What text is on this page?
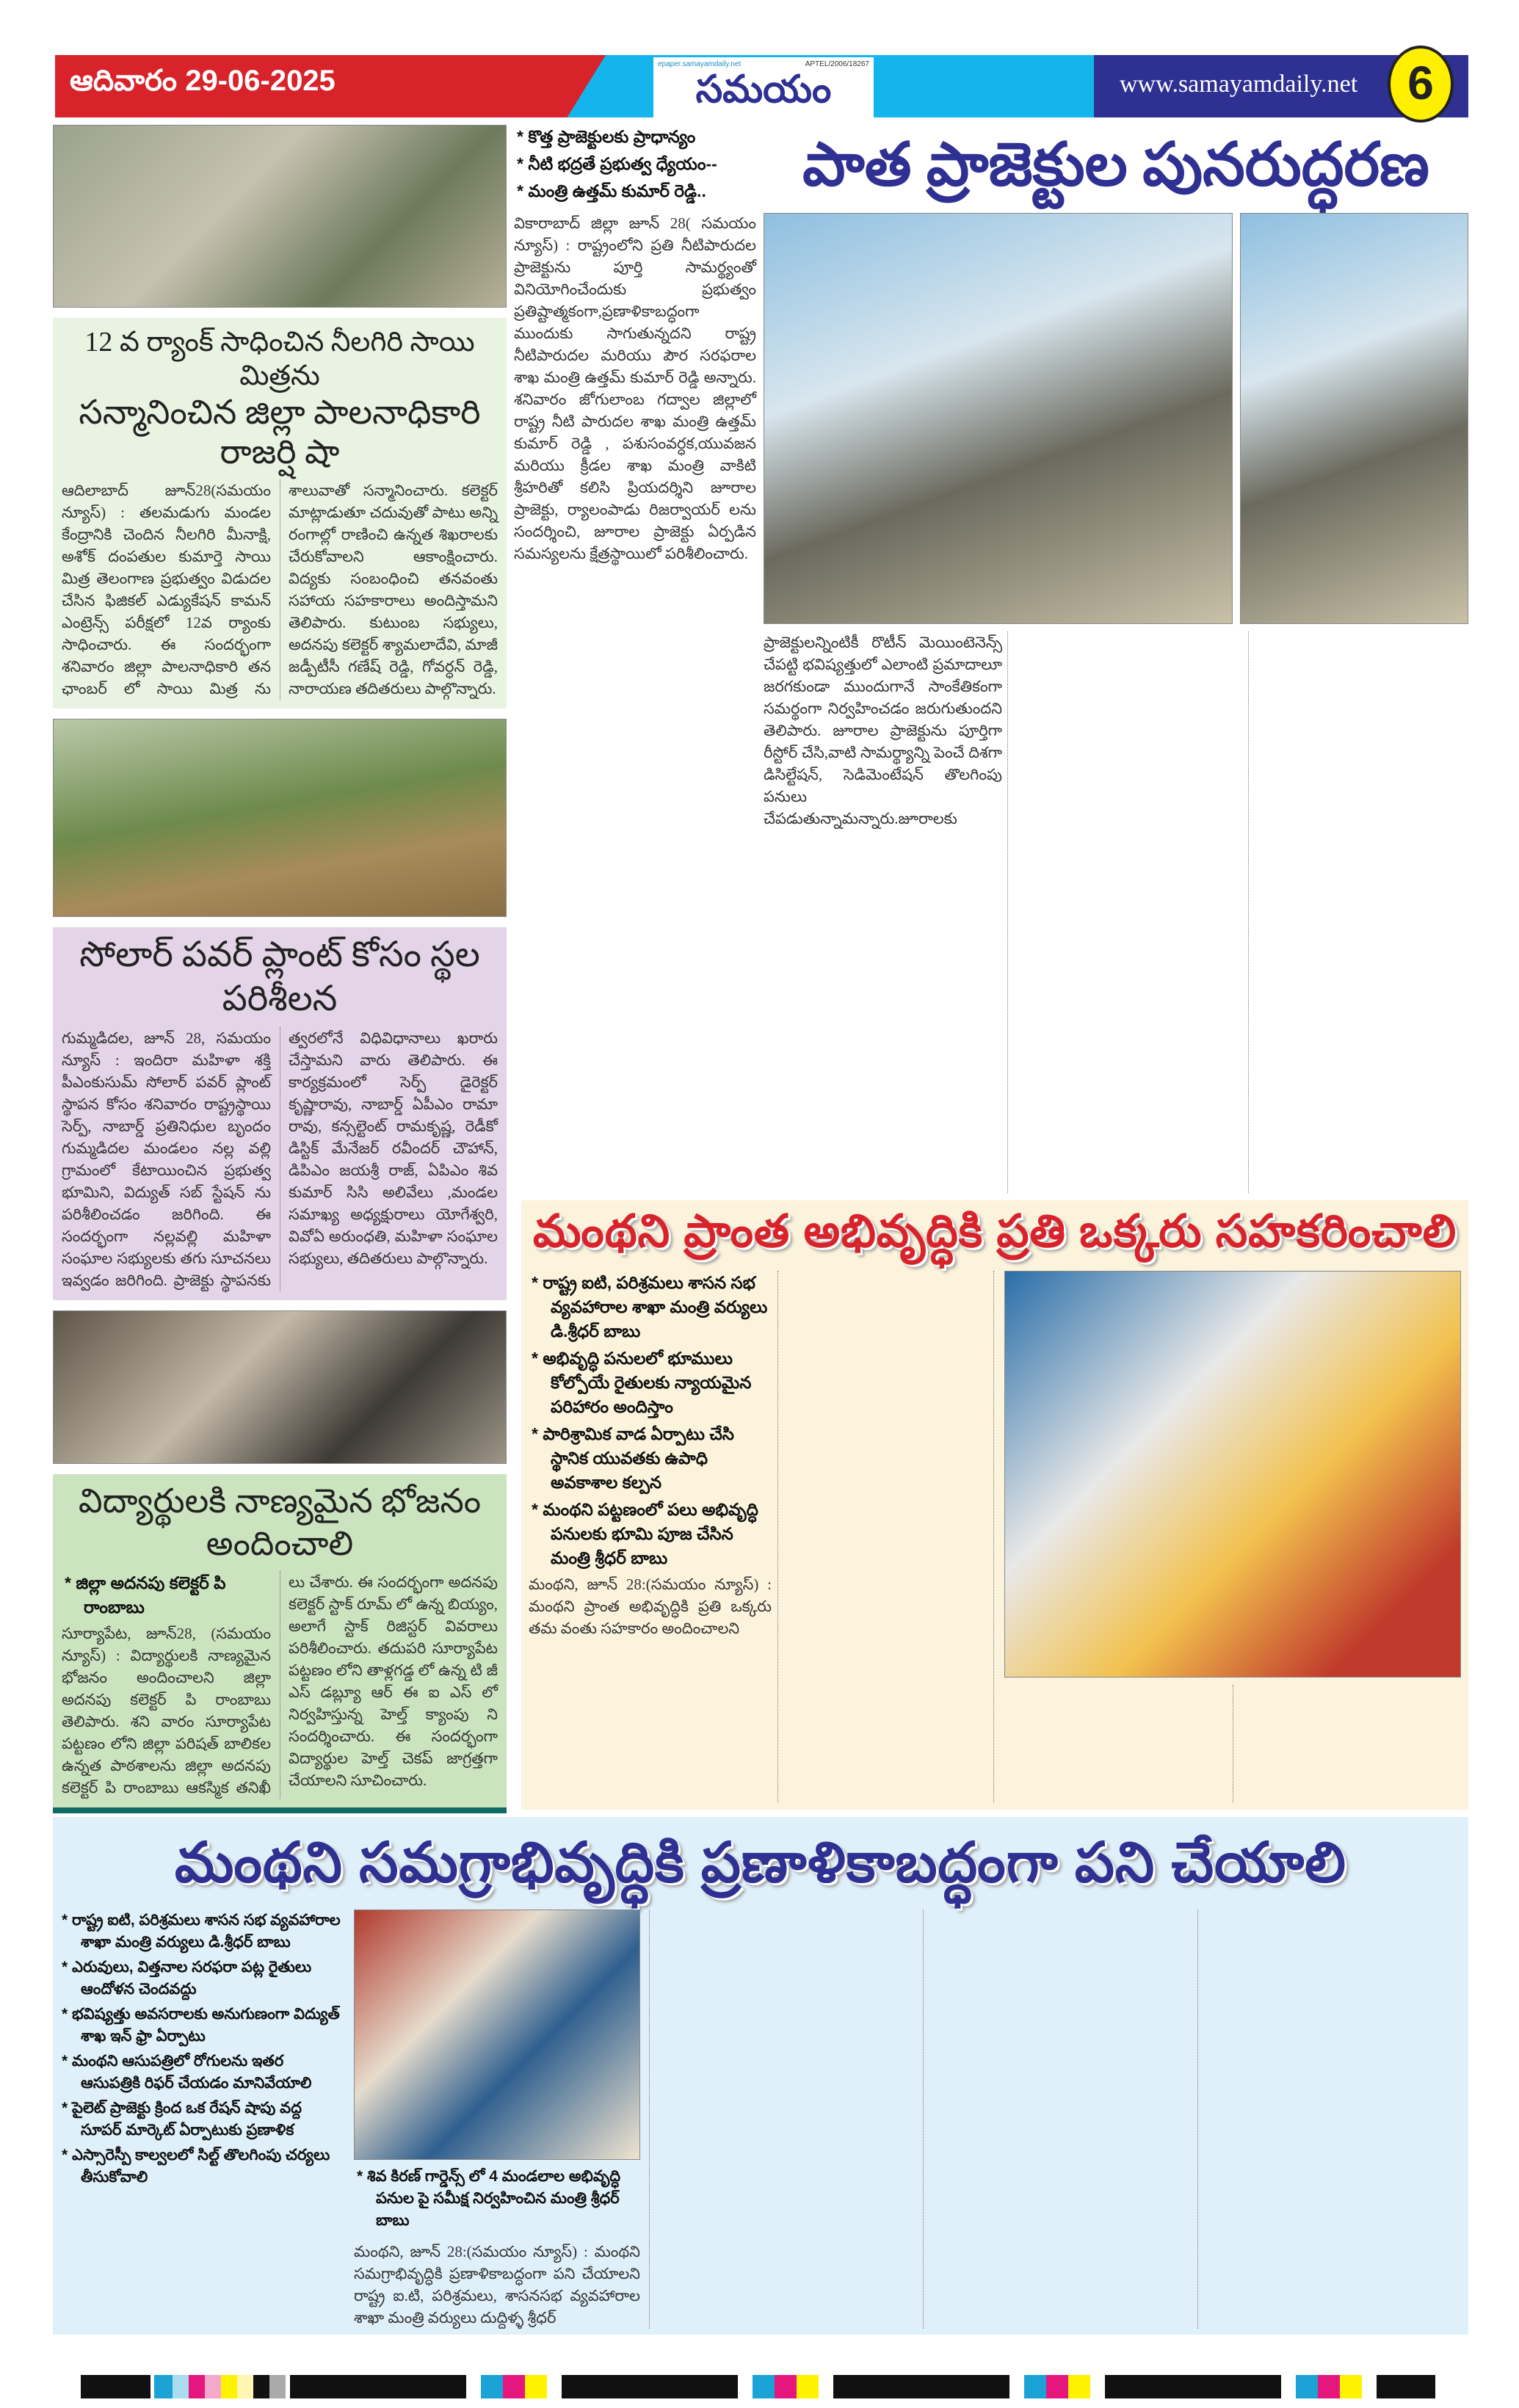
ఆదివారం 29-06-2025
epaper.samayamdaily.net	APTEL/2006/18267
సమయం	www.samayamdaily.net	6
12 వ ర్యాంక్ సాధించిన నీలగిరి సాయి మిత్రను
సన్మానించిన జిల్లా పాలనాధికారి రాజర్షి షా
ఆదిలాబాద్ జూన్28(సమయం న్యూస్) : తలమడుగు మండల కేంద్రానికి చెందిన నీలగిరి మీనాక్షి, అశోక్ దంపతుల కుమార్తె సాయి మిత్ర తెలంగాణ ప్రభుత్వం విడుదల చేసిన ఫిజికల్ ఎడ్యుకేషన్ కామన్ ఎంట్రెన్స్ పరీక్షలో 12వ ర్యాంకు సాధించారు. ఈ సందర్భంగా శనివారం జిల్లా పాలనాధికారి తన ఛాంబర్ లో సాయి మిత్ర ను శాలువాతో సన్మానించారు. కలెక్టర్ మాట్లాడుతూ చదువుతో పాటు అన్ని రంగాల్లో రాణించి ఉన్నత శిఖరాలకు చేరుకోవాలని ఆకాంక్షించారు. విద్యకు సంబంధించి తనవంతు సహాయ సహకారాలు అందిస్తామని తెలిపారు. కుటుంబ సభ్యులు, అదనపు కలెక్టర్ శ్యామలాదేవి, మాజీ జడ్పీటీసీ గణేష్ రెడ్డి, గోవర్ధన్ రెడ్డి, నారాయణ తదితరులు పాల్గొన్నారు.
సోలార్ పవర్ ప్లాంట్ కోసం స్థల పరిశీలన
గుమ్మడిదల, జూన్ 28, సమయం న్యూస్ : ఇందిరా మహిళా శక్తి పీఎంకుసుమ్ సోలార్ పవర్ ప్లాంట్ స్థాపన కోసం శనివారం రాష్ట్రస్థాయి సెర్ప్, నాబార్డ్ ప్రతినిధుల బృందం గుమ్మడిదల మండలం నల్ల వల్లి గ్రామంలో కేటాయించిన ప్రభుత్వ భూమిని, విద్యుత్ సబ్ స్టేషన్ ను పరిశీలించడం జరిగింది. ఈ సందర్భంగా నల్లవల్లి మహిళా సంఘాల సభ్యులకు తగు సూచనలు ఇవ్వడం జరిగింది. ప్రాజెక్టు స్థాపనకు త్వరలోనే విధివిధానాలు ఖరారు చేస్తామని వారు తెలిపారు. ఈ కార్యక్రమంలో సెర్ప్ డైరెక్టర్ కృష్ణారావు, నాబార్డ్ ఏపీఎం రామా రావు, కన్సల్టెంట్ రామకృష్ణ, రెడీకో డిస్టిక్ మేనేజర్ రవీందర్ చౌహాన్, డిపిఎం జయశ్రీ రాజ్, ఏపిఎం శివ కుమార్ సిసి అలివేలు ,మండల సమాఖ్య అధ్యక్షురాలు యోగేశ్వరి, వివోఏ అరుంధతి, మహిళా సంఘాల సభ్యులు, తదితరులు పాల్గొన్నారు.
విద్యార్థులకి నాణ్యమైన భోజనం అందించాలి
* జిల్లా అదనపు కలెక్టర్ పి రాంబాబు
సూర్యాపేట, జూన్28, (సమయం న్యూస్) : విద్యార్థులకి నాణ్యమైన భోజనం అందించాలని జిల్లా అదనపు కలెక్టర్ పి రాంబాబు తెలిపారు. శని వారం సూర్యాపేట పట్టణం లోని జిల్లా పరిషత్ బాలికల ఉన్నత పాఠశాలను జిల్లా అదనపు కలెక్టర్ పి రాంబాబు ఆకస్మిక తనిఖీ లు చేశారు. ఈ సందర్భంగా అదనపు కలెక్టర్ స్టాక్ రూమ్ లో ఉన్న బియ్యం, అలాగే స్టాక్ రిజిస్టర్ వివరాలు పరిశీలించారు. తదుపరి సూర్యాపేట పట్టణం లోని తాళ్లగడ్డ లో ఉన్న టి జీ ఎస్ డబ్ల్యూ ఆర్ ఈ ఐ ఎస్ లో నిర్వహిస్తున్న హెల్త్ క్యాంపు ని సందర్శించారు. ఈ సందర్భంగా విద్యార్థుల హెల్త్ చెకప్ జాగ్రత్తగా చేయాలని సూచించారు.
* కొత్త ప్రాజెక్టులకు ప్రాధాన్యం
* నీటి భద్రతే ప్రభుత్వ ధ్యేయం--
* మంత్రి ఉత్తమ్ కుమార్ రెడ్డి..
వికారాబాద్ జిల్లా జూన్ 28( సమయం న్యూస్) : రాష్ట్రంలోని ప్రతి నీటిపారుదల ప్రాజెక్టును పూర్తి సామర్థ్యంతో వినియోగించేందుకు ప్రభుత్వం ప్రతిష్టాత్మకంగా,ప్రణాళికాబద్ధంగా ముందుకు సాగుతున్నదని రాష్ట్ర నీటిపారుదల మరియు పౌర సరఫరాల శాఖ మంత్రి ఉత్తమ్ కుమార్ రెడ్డి అన్నారు. శనివారం జోగులాంబ గద్వాల జిల్లాలో రాష్ట్ర నీటి పారుదల శాఖ మంత్రి ఉత్తమ్ కుమార్ రెడ్డి , పశుసంవర్ధక,యువజన మరియు క్రీడల శాఖ మంత్రి వాకిటి శ్రీహరితో కలిసి ప్రియదర్శిని జూరాల ప్రాజెక్టు, ర్యాలంపాడు రిజర్వాయర్ లను సందర్శించి, జూరాల ప్రాజెక్టు ఏర్పడిన సమస్యలను క్షేత్రస్థాయిలో పరిశీలించారు.
పాత ప్రాజెక్టుల పునరుద్ధరణ
ప్రాజెక్టులన్నింటికీ రొటీన్ మెయింటెనెన్స్ చేపట్టి భవిష్యత్తులో ఎలాంటి ప్రమాదాలూ జరగకుండా ముందుగానే సాంకేతికంగా సమర్థంగా నిర్వహించడం జరుగుతుందని తెలిపారు. జూరాల ప్రాజెక్టును పూర్తిగా రీస్టోర్ చేసి,వాటి సామర్థ్యాన్ని పెంచే దిశగా డిసిల్టేషన్, సెడిమెంటేషన్ తొలగింపు పనులు చేపడుతున్నామన్నారు.జూరాలకు
మంథని ప్రాంత అభివృద్ధికి ప్రతి ఒక్కరు సహకరించాలి
* రాష్ట్ర ఐటి, పరిశ్రమలు శాసన సభ వ్యవహారాల శాఖా మంత్రి వర్యులు డి.శ్రీధర్ బాబు
* అభివృద్ధి పనులలో భూములు కోల్పోయే రైతులకు న్యాయమైన పరిహారం అందిస్తాం
* పారిశ్రామిక వాడ ఏర్పాటు చేసి స్థానిక యువతకు ఉపాధి అవకాశాల కల్పన
* మంథని పట్టణంలో పలు అభివృద్ధి పనులకు భూమి పూజ చేసిన మంత్రి శ్రీధర్ బాబు
మంథని, జూన్ 28:(సమయం న్యూస్) : మంథని ప్రాంత అభివృద్ధికి ప్రతి ఒక్కరు తమ వంతు సహకారం అందించాలని
మంథని సమగ్రాభివృద్ధికి ప్రణాళికాబద్ధంగా పని చేయాలి
* రాష్ట్ర ఐటి, పరిశ్రమలు శాసన సభ వ్యవహారాల శాఖా మంత్రి వర్యులు డి.శ్రీధర్ బాబు
* ఎరువులు, విత్తనాల సరఫరా పట్ల రైతులు ఆందోళన చెందవద్దు
* భవిష్యత్తు అవసరాలకు అనుగుణంగా విద్యుత్ శాఖ ఇన్ ఫ్రా ఏర్పాటు
* మంథని ఆసుపత్రిలో రోగులను ఇతర ఆసుపత్రికి రిఫర్ చేయడం మానివేయాలి
* పైలెట్ ప్రాజెక్టు క్రింద ఒక రేషన్ షాపు వద్ద సూపర్ మార్కెట్ ఏర్పాటుకు ప్రణాళిక
* ఎస్సారెస్పీ కాల్వలలో సిల్ట్ తొలగింపు చర్యలు తీసుకోవాలి	* శివ కిరణ్ గార్డెన్స్ లో 4 మండలాల అభివృద్ధి పనుల పై సమీక్ష నిర్వహించిన మంత్రి శ్రీధర్ బాబు
మంథని, జూన్ 28:(సమయం న్యూస్) : మంథని సమగ్రాభివృద్ధికి ప్రణాళికాబద్ధంగా పని చేయాలని రాష్ట్ర ఐ.టి, పరిశ్రమలు, శాసనసభ వ్యవహారాల శాఖా మంత్రి వర్యులు దుద్దిళ్ళ శ్రీధర్
